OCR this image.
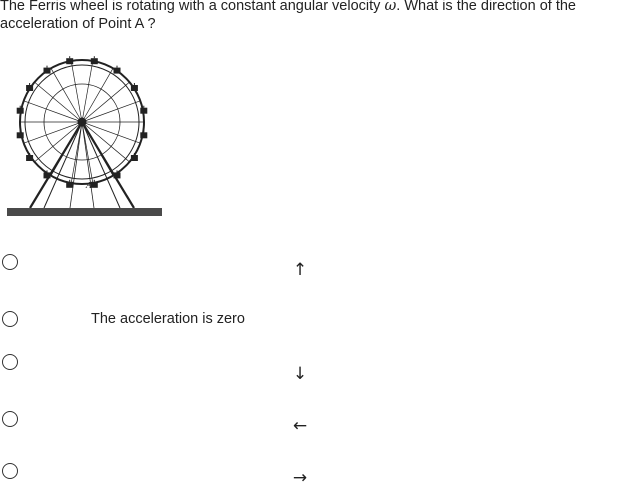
The Ferris wheel is rotating with a constant angular velocity ω. What is the direction of the acceleration of Point A ?
A
↑
The acceleration is zero
↓
←
→
